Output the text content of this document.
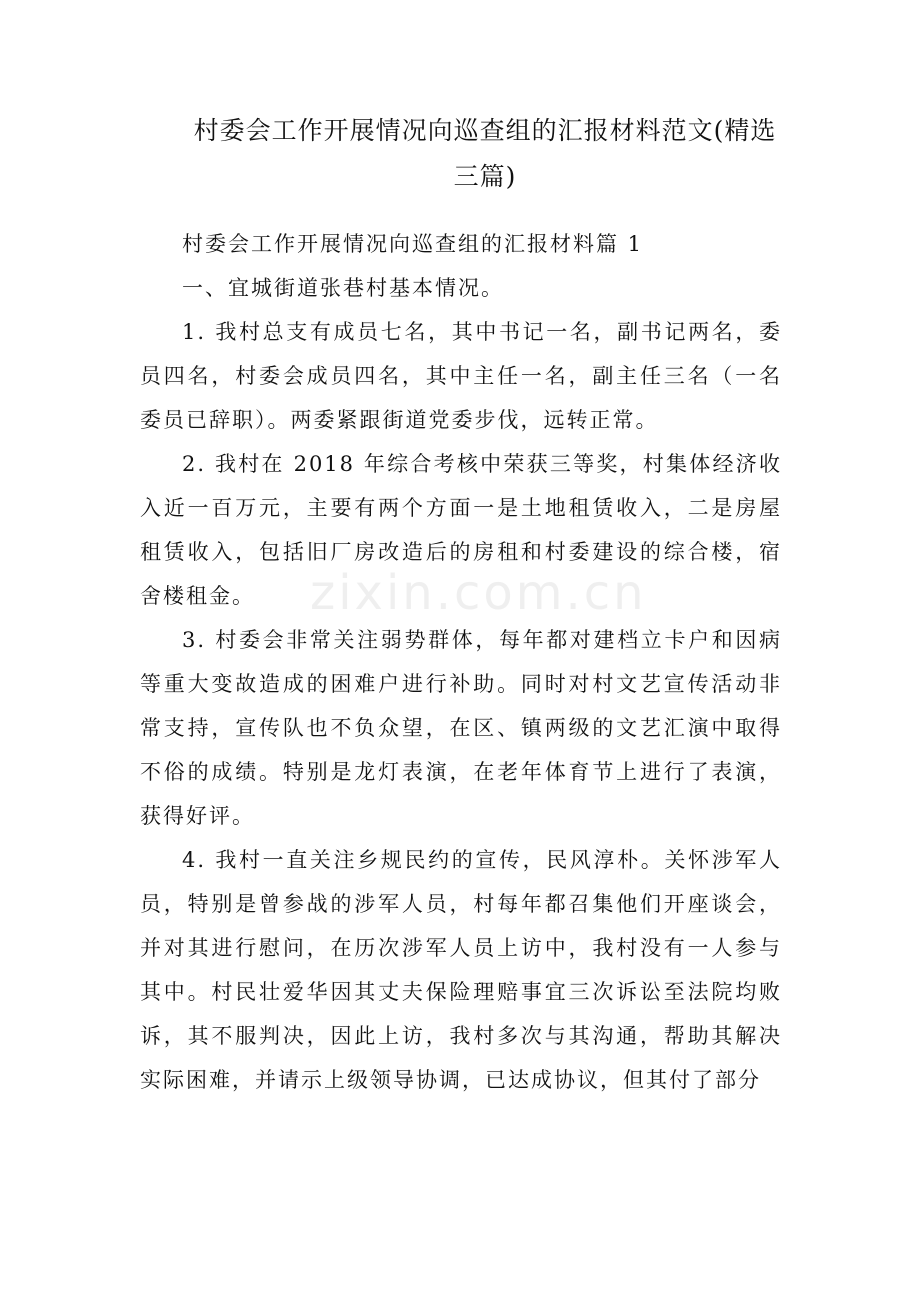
村委会工作开展情况向巡查组的汇报材料范文(精选三篇)

村委会工作开展情况向巡查组的汇报材料篇 1

一、宜城街道张巷村基本情况。

1. 我村总支有成员七名，其中书记一名，副书记两名，委员四名，村委会成员四名，其中主任一名，副主任三名（一名委员已辞职）。两委紧跟街道党委步伐，远转正常。

2. 我村在 2018 年综合考核中荣获三等奖，村集体经济收入近一百万元，主要有两个方面一是土地租赁收入，二是房屋租赁收入，包括旧厂房改造后的房租和村委建设的综合楼，宿舍楼租金。

3. 村委会非常关注弱势群体，每年都对建档立卡户和因病等重大变故造成的困难户进行补助。同时对村文艺宣传活动非常支持，宣传队也不负众望，在区、镇两级的文艺汇演中取得不俗的成绩。特别是龙灯表演，在老年体育节上进行了表演，获得好评。

4. 我村一直关注乡规民约的宣传，民风淳朴。关怀涉军人员，特别是曾参战的涉军人员，村每年都召集他们开座谈会，并对其进行慰问，在历次涉军人员上访中，我村没有一人参与其中。村民壮爱华因其丈夫保险理赔事宜三次诉讼至法院均败诉，其不服判决，因此上访，我村多次与其沟通，帮助其解决实际困难，并请示上级领导协调，已达成协议，但其付了部分

zixin.com.cn
